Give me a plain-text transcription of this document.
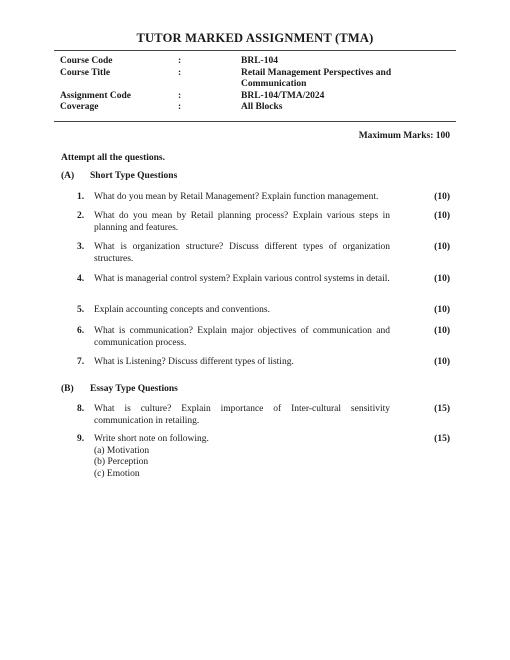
TUTOR MARKED ASSIGNMENT (TMA)
Course Code	:	BRL-104
Course Title	:	Retail Management Perspectives and Communication
Assignment Code	:	BRL-104/TMA/2024
Coverage	:	All Blocks
Maximum Marks: 100
Attempt all the questions.
(A) Short Type Questions
1. What do you mean by Retail Management? Explain function management.	(10)
2. What do you mean by Retail planning process? Explain various steps in planning and features.
(10)
3. What is organization structure? Discuss different types of organization structures.
(10)
4. What is managerial control system? Explain various control systems in detail.	(10)
5. Explain accounting concepts and conventions.	(10)
6. What is communication? Explain major objectives of communication and communication process.
(10)
7. What is Listening? Discuss different types of listing.	(10)
(B) Essay Type Questions
8. What is culture? Explain importance of Inter-cultural sensitivity communication in retailing.
(15)
9. Write short note on following.	(15)
(a) Motivation
(b) Perception
(c) Emotion
